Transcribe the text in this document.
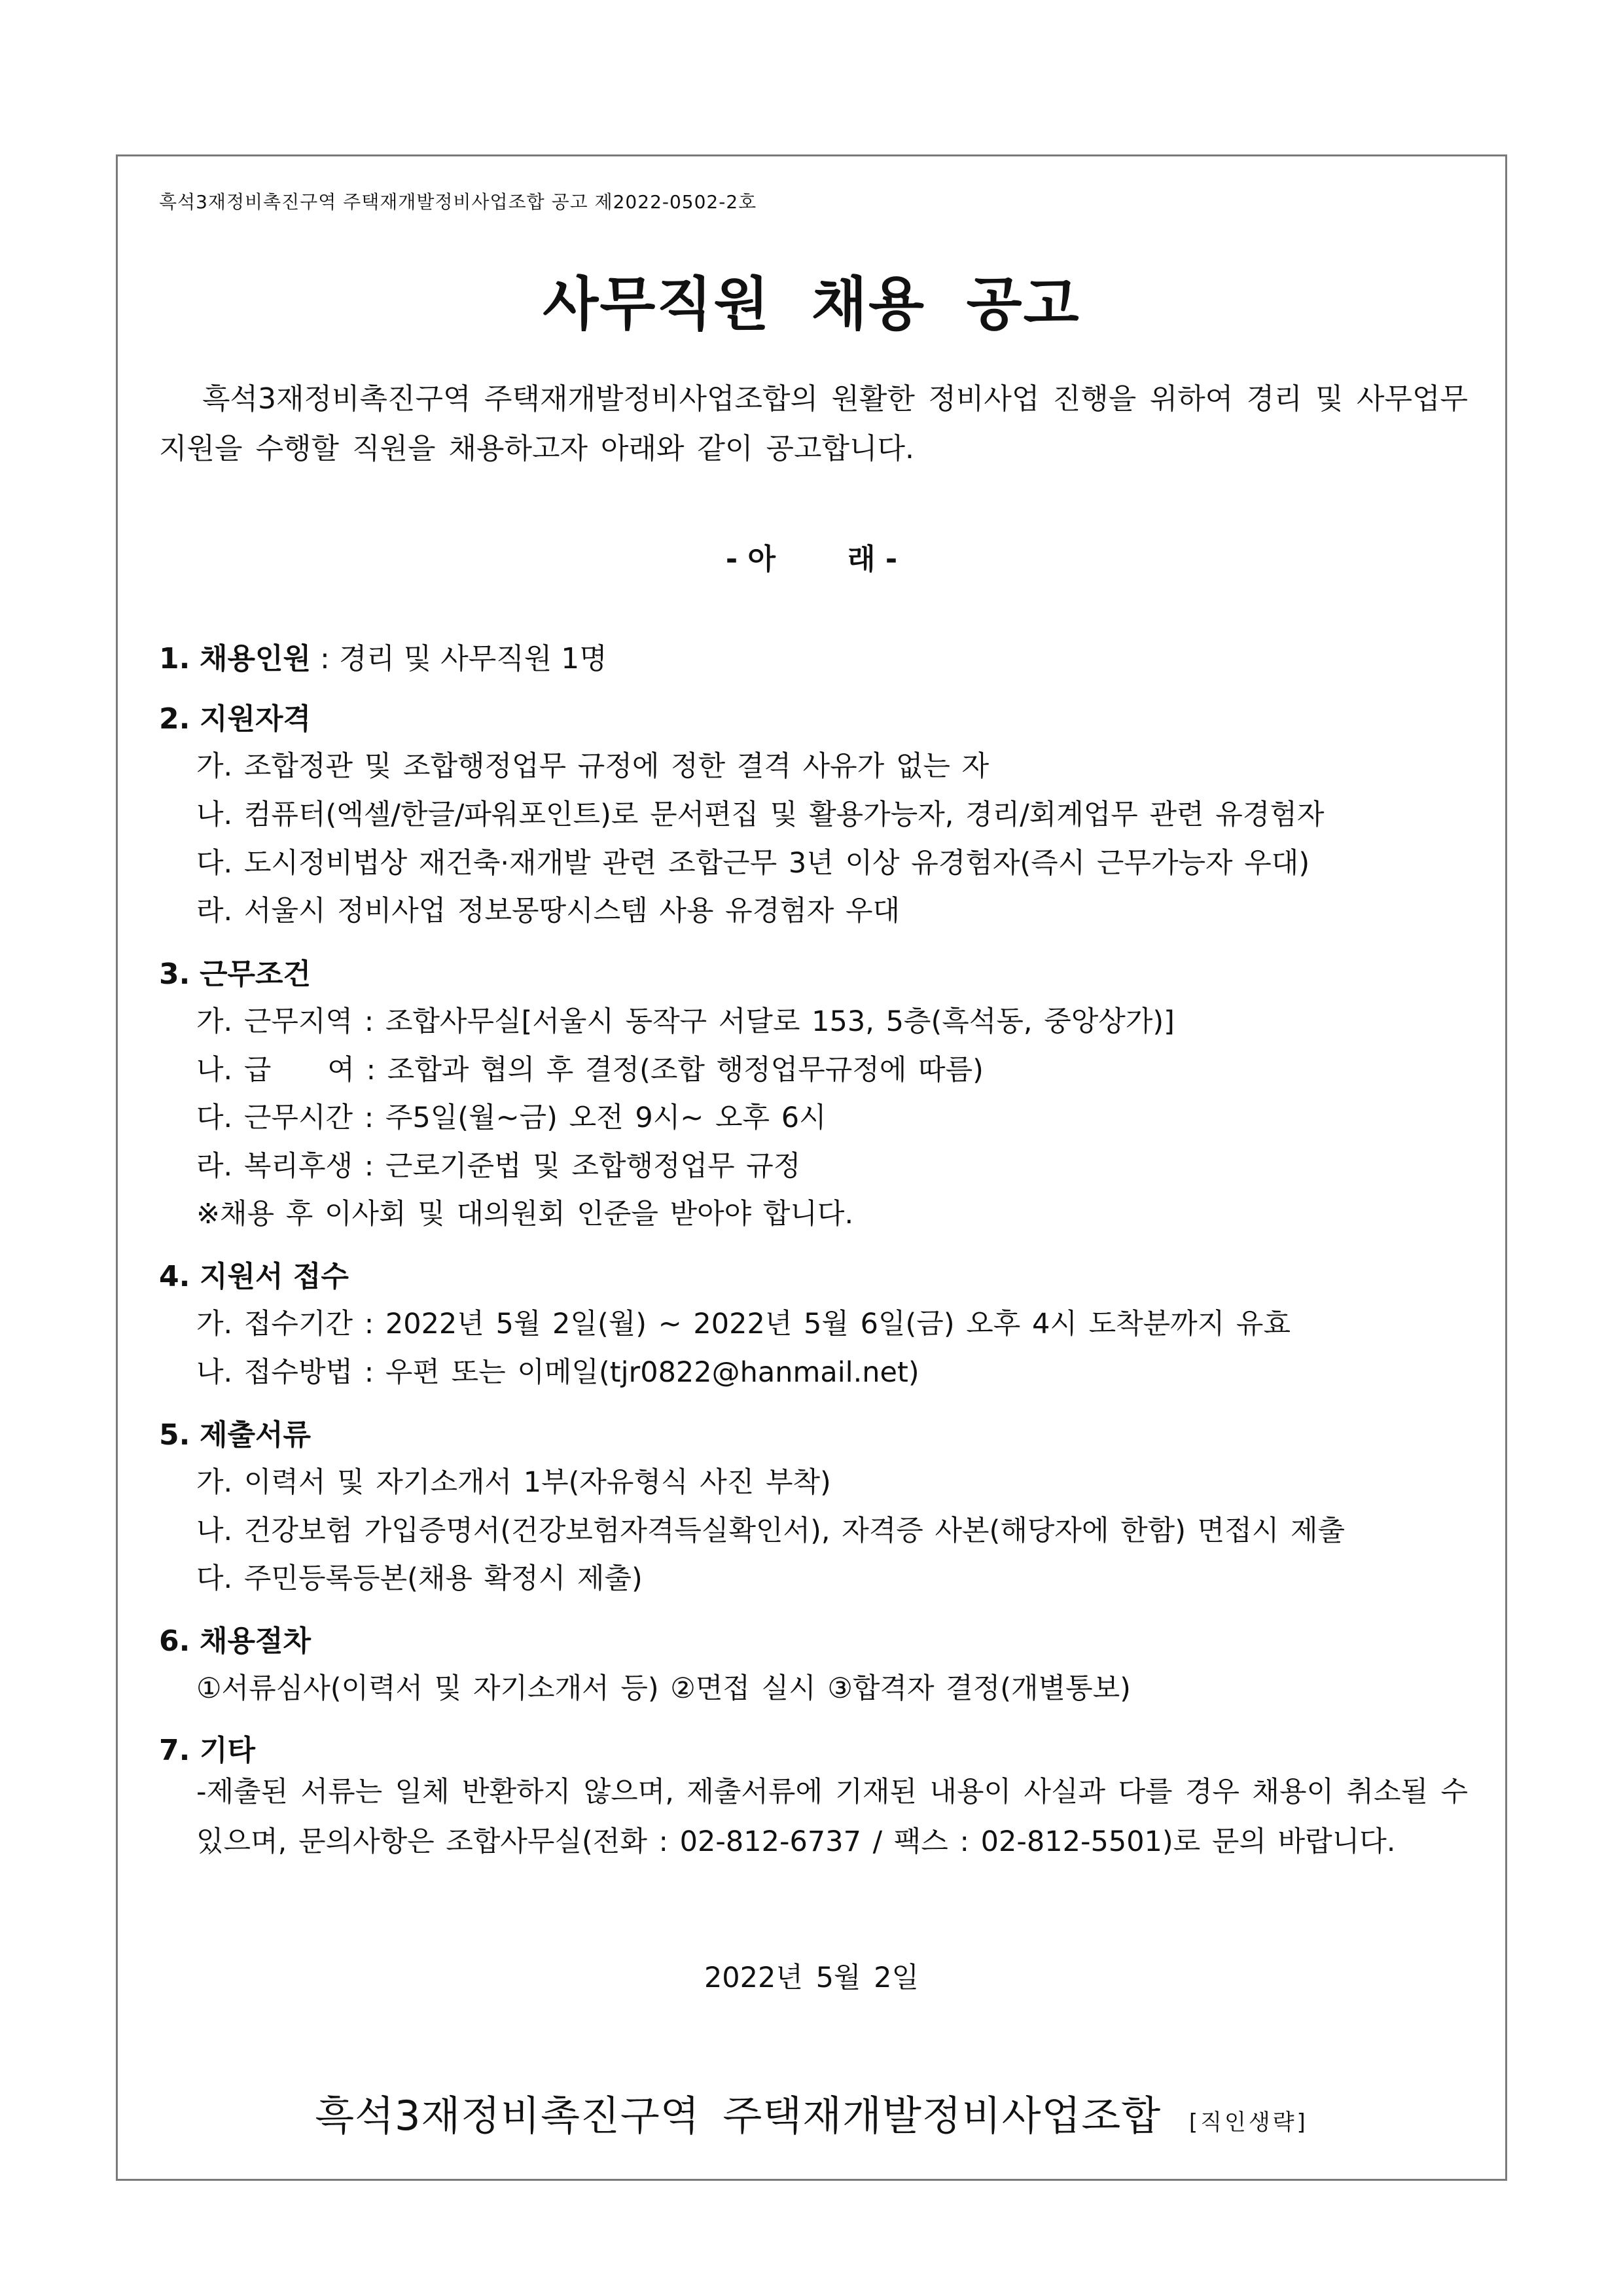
흑석3재정비촉진구역 주택재개발정비사업조합 공고 제2022-0502-2호
사무직원 채용 공고
흑석3재정비촉진구역 주택재개발정비사업조합의 원활한 정비사업 진행을 위하여 경리 및 사무업무 지원을 수행할 직원을 채용하고자 아래와 같이 공고합니다.
- 아	래 -
1. 채용인원 : 경리 및 사무직원 1명
2. 지원자격
가. 조합정관 및 조합행정업무 규정에 정한 결격 사유가 없는 자
나. 컴퓨터(엑셀/한글/파워포인트)로 문서편집 및 활용가능자, 경리/회계업무 관련 유경험자
다. 도시정비법상 재건축·재개발 관련 조합근무 3년 이상 유경험자(즉시 근무가능자 우대)
라. 서울시 정비사업 정보몽땅시스템 사용 유경험자 우대
3. 근무조건
가. 근무지역 : 조합사무실[서울시 동작구 서달로 153, 5층(흑석동, 중앙상가)]
나. 급　　여 : 조합과 협의 후 결정(조합 행정업무규정에 따름)
다. 근무시간 : 주5일(월~금) 오전 9시~ 오후 6시
라. 복리후생 : 근로기준법 및 조합행정업무 규정
※채용 후 이사회 및 대의원회 인준을 받아야 합니다.
4. 지원서 접수
가. 접수기간 : 2022년 5월 2일(월) ~ 2022년 5월 6일(금) 오후 4시 도착분까지 유효
나. 접수방법 : 우편 또는 이메일(tjr0822@hanmail.net)
5. 제출서류
가. 이력서 및 자기소개서 1부(자유형식 사진 부착)
나. 건강보험 가입증명서(건강보험자격득실확인서), 자격증 사본(해당자에 한함) 면접시 제출
다. 주민등록등본(채용 확정시 제출)
6. 채용절차
①서류심사(이력서 및 자기소개서 등) ②면접 실시 ③합격자 결정(개별통보)
7. 기타
-제출된 서류는 일체 반환하지 않으며, 제출서류에 기재된 내용이 사실과 다를 경우 채용이 취소될 수 있으며, 문의사항은 조합사무실(전화 : 02-812-6737 / 팩스 : 02-812-5501)로 문의 바랍니다.
2022년 5월 2일
흑석3재정비촉진구역 주택재개발정비사업조합 [직인생략]
